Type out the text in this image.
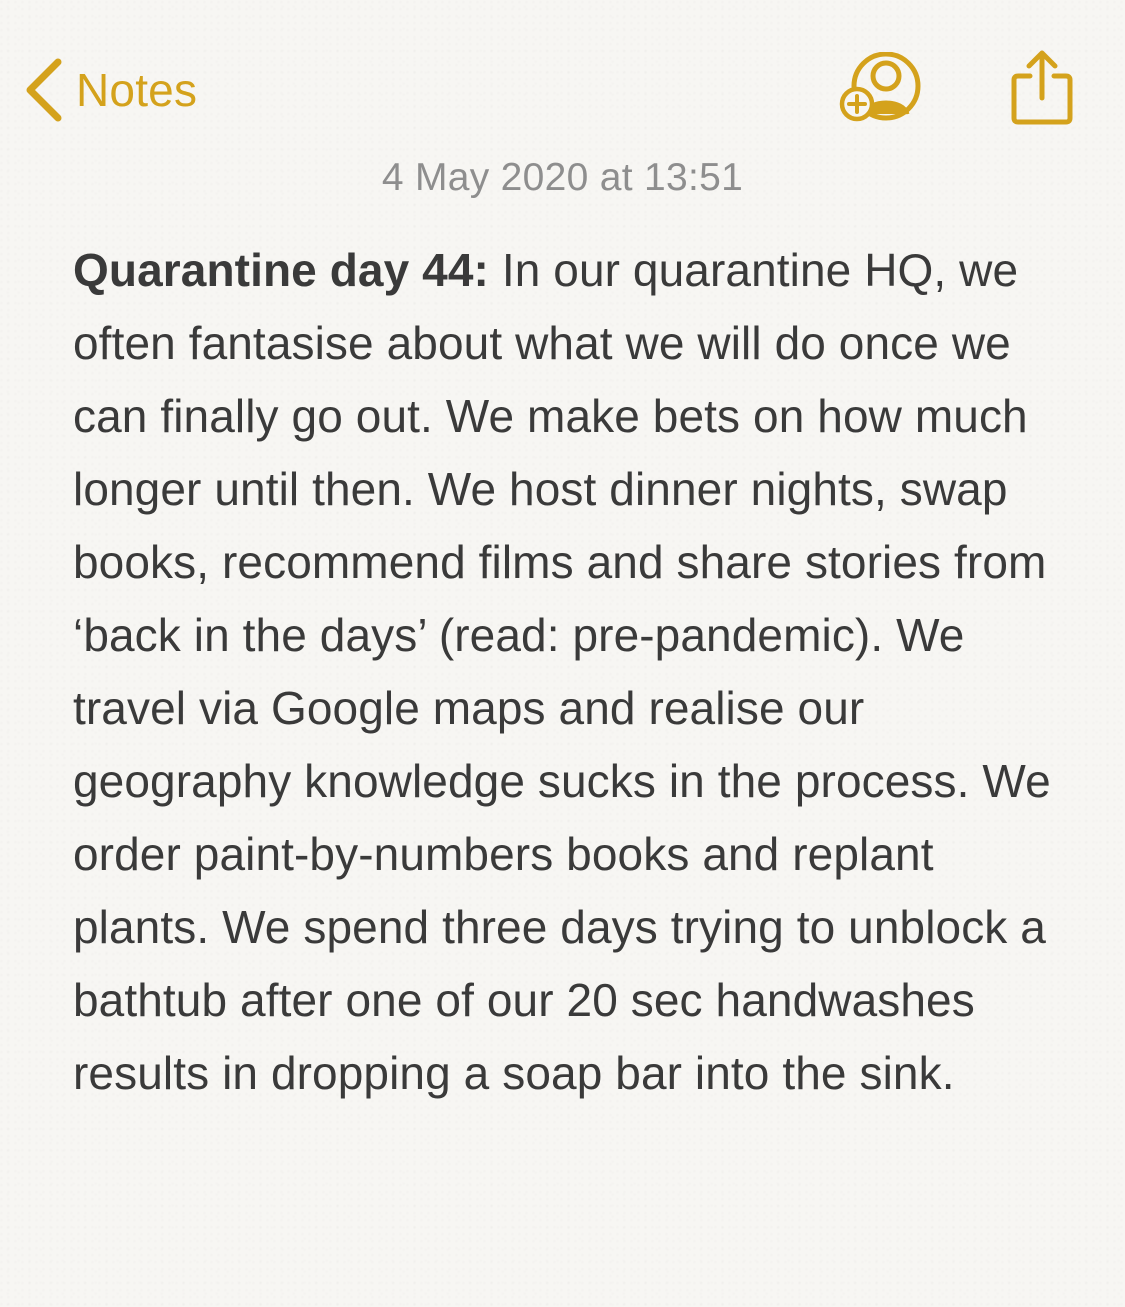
Notes
4 May 2020 at 13:51
Quarantine day 44: In our quarantine HQ, we often fantasise about what we will do once we can finally go out. We make bets on how much longer until then. We host dinner nights, swap books, recommend films and share stories from ‘back in the days’ (read: pre-pandemic). We travel via Google maps and realise our geography knowledge sucks in the process. We order paint-by-numbers books and replant plants. We spend three days trying to unblock a bathtub after one of our 20 sec handwashes results in dropping a soap bar into the sink.
